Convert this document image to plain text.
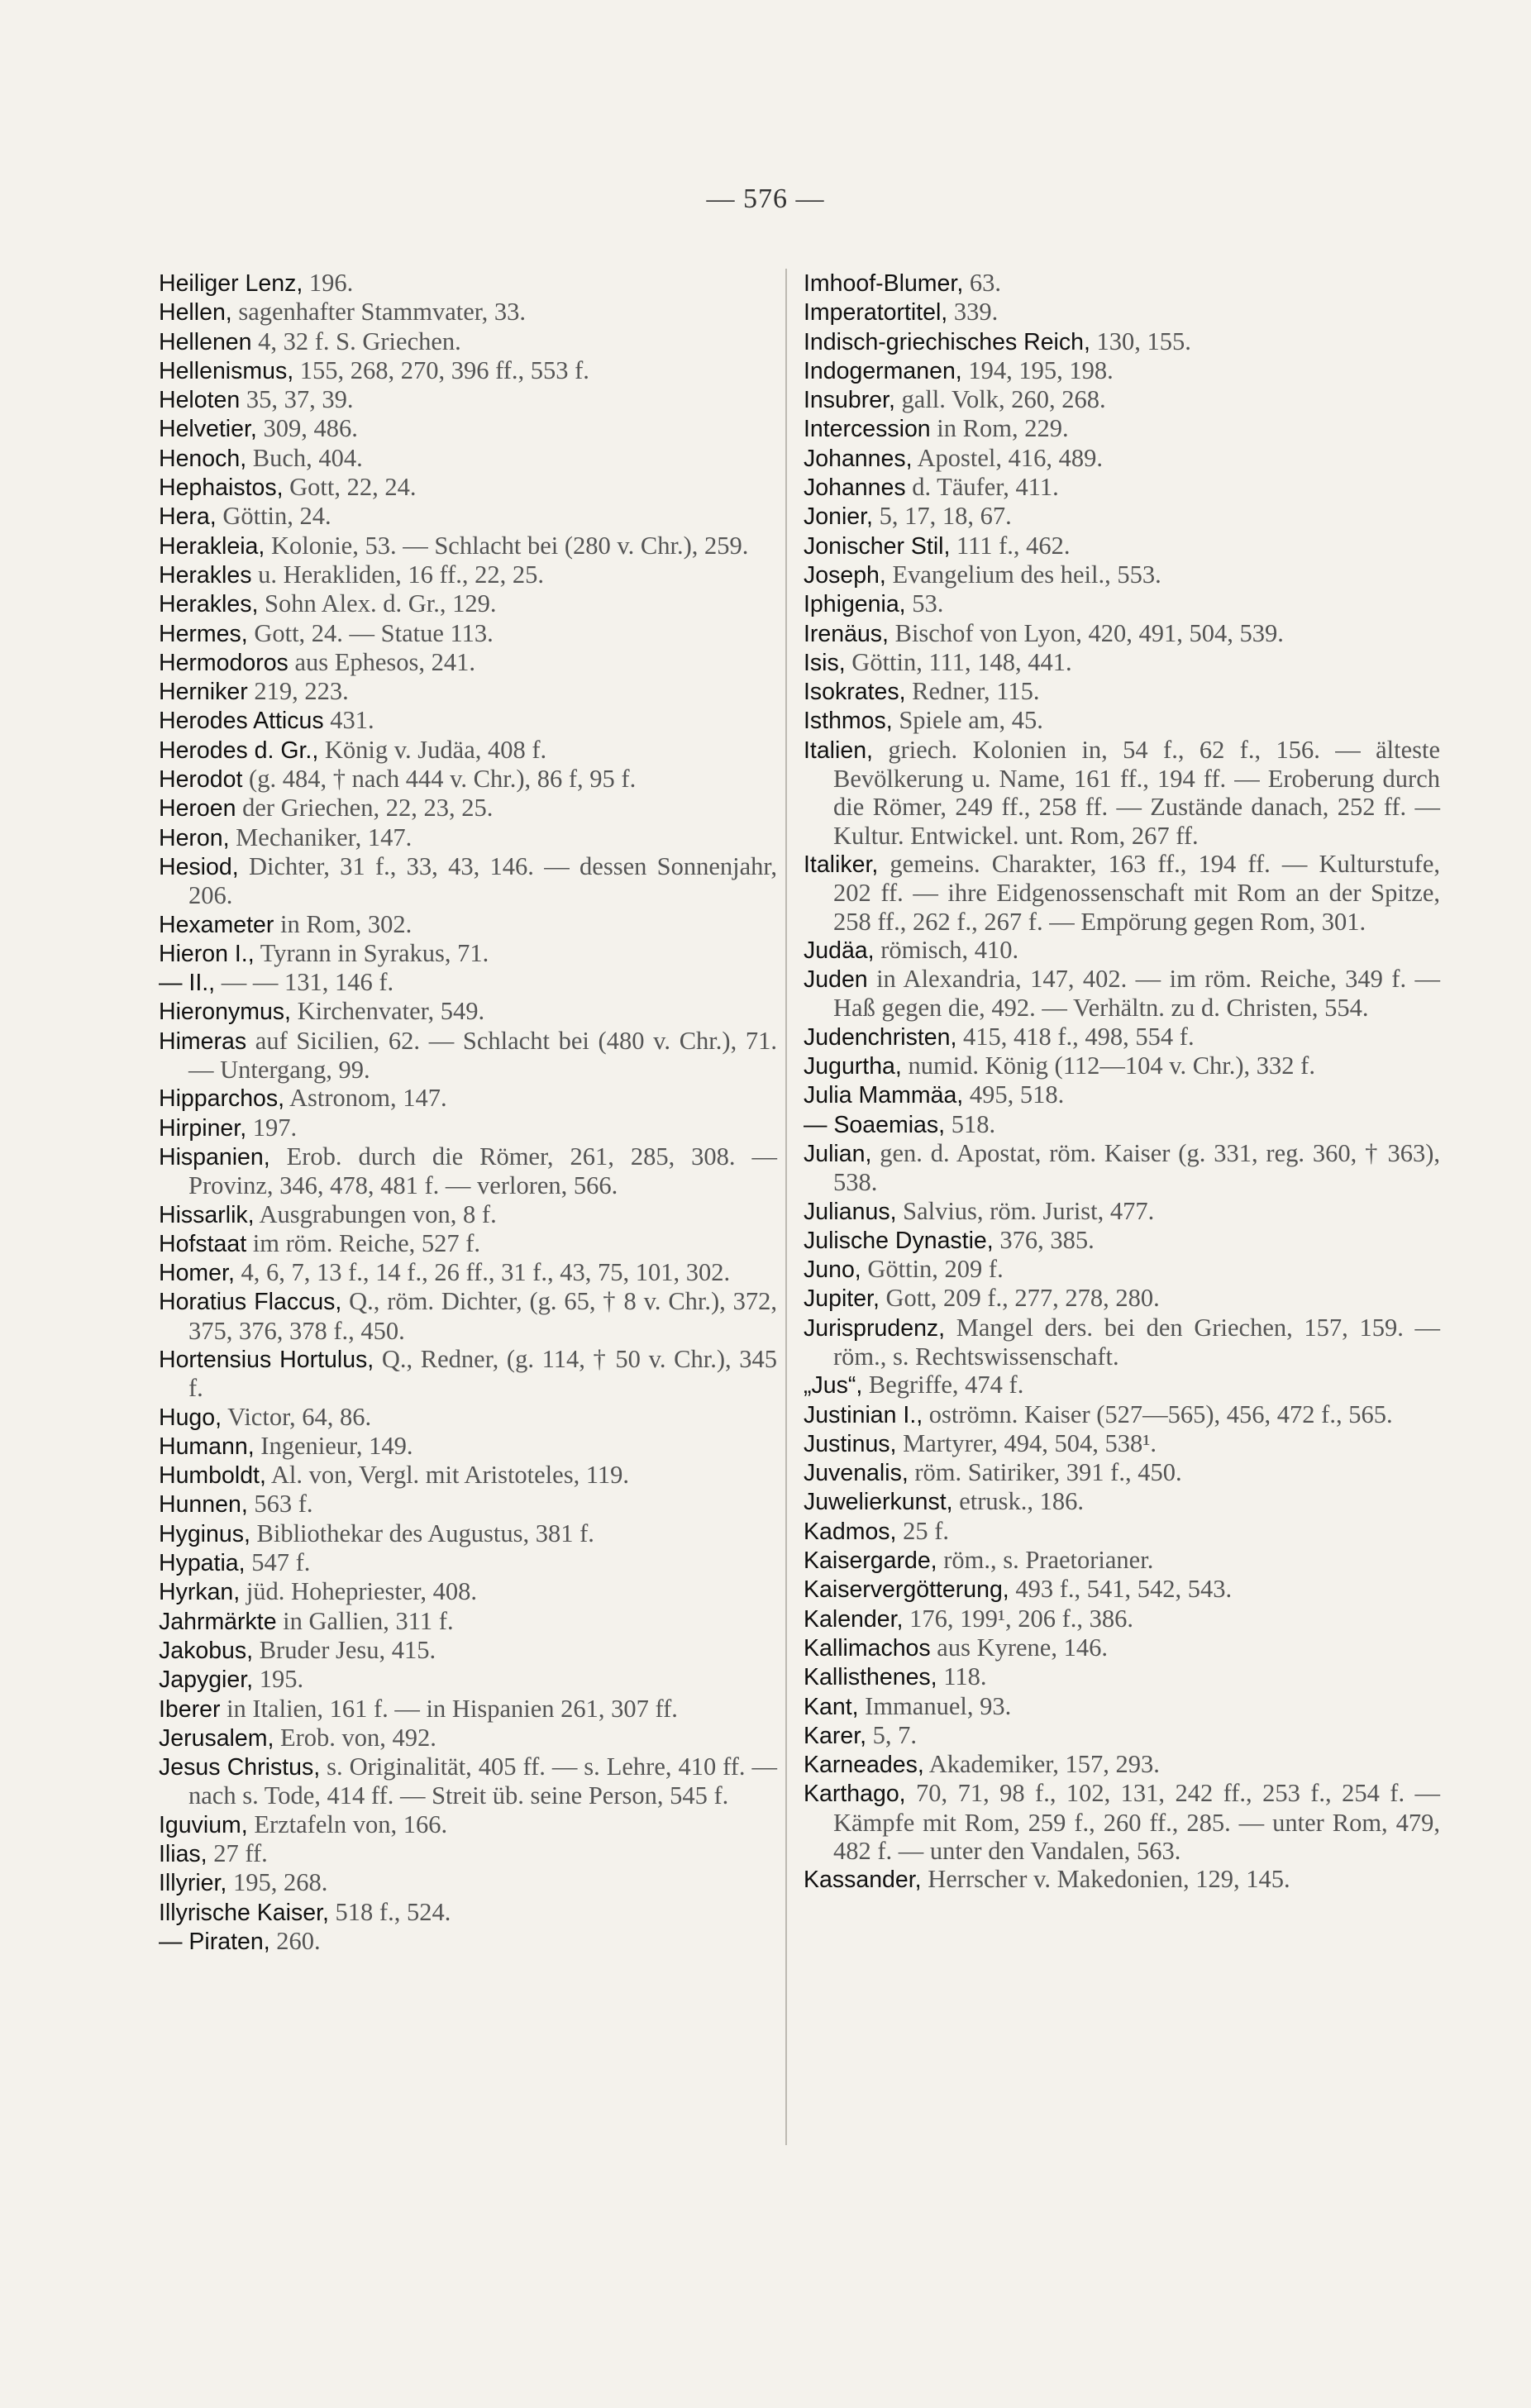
— 576 —

Heiliger Lenz, 196.

Hellen, sagenhafter Stammvater, 33.

Hellenen 4, 32 f. S. Griechen.

Hellenismus, 155, 268, 270, 396 ff., 553 f.

Heloten 35, 37, 39.

Helvetier, 309, 486.

Henoch, Buch, 404.

Hephaistos, Gott, 22, 24.

Hera, Göttin, 24.

Herakleia, Kolonie, 53. — Schlacht bei (280 v. Chr.), 259.

Herakles u. Herakliden, 16 ff., 22, 25.

Herakles, Sohn Alex. d. Gr., 129.

Hermes, Gott, 24. — Statue 113.

Hermodoros aus Ephesos, 241.

Herniker 219, 223.

Herodes Atticus 431.

Herodes d. Gr., König v. Judäa, 408 f.

Herodot (g. 484, † nach 444 v. Chr.), 86 f, 95 f.

Heroen der Griechen, 22, 23, 25.

Heron, Mechaniker, 147.

Hesiod, Dichter, 31 f., 33, 43, 146. — dessen Sonnenjahr, 206.

Hexameter in Rom, 302.

Hieron I., Tyrann in Syrakus, 71.

— II., — — 131, 146 f.

Hieronymus, Kirchenvater, 549.

Himeras auf Sicilien, 62. — Schlacht bei (480 v. Chr.), 71. — Untergang, 99.

Hipparchos, Astronom, 147.

Hirpiner, 197.

Hispanien, Erob. durch die Römer, 261, 285, 308. — Provinz, 346, 478, 481 f. — verloren, 566.

Hissarlik, Ausgrabungen von, 8 f.

Hofstaat im röm. Reiche, 527 f.

Homer, 4, 6, 7, 13 f., 14 f., 26 ff., 31 f., 43, 75, 101, 302.

Horatius Flaccus, Q., röm. Dichter, (g. 65, † 8 v. Chr.), 372, 375, 376, 378 f., 450.

Hortensius Hortulus, Q., Redner, (g. 114, † 50 v. Chr.), 345 f.

Hugo, Victor, 64, 86.

Humann, Ingenieur, 149.

Humboldt, Al. von, Vergl. mit Aristoteles, 119.

Hunnen, 563 f.

Hyginus, Bibliothekar des Augustus, 381 f.

Hypatia, 547 f.

Hyrkan, jüd. Hohepriester, 408.

Jahrmärkte in Gallien, 311 f.

Jakobus, Bruder Jesu, 415.

Japygier, 195.

Iberer in Italien, 161 f. — in Hispanien 261, 307 ff.

Jerusalem, Erob. von, 492.

Jesus Christus, s. Originalität, 405 ff. — s. Lehre, 410 ff. — nach s. Tode, 414 ff. — Streit üb. seine Person, 545 f.

Iguvium, Erztafeln von, 166.

Ilias, 27 ff.

Illyrier, 195, 268.

Illyrische Kaiser, 518 f., 524.

— Piraten, 260.

Imhoof-Blumer, 63.

Imperatortitel, 339.

Indisch-griechisches Reich, 130, 155.

Indogermanen, 194, 195, 198.

Insubrer, gall. Volk, 260, 268.

Intercession in Rom, 229.

Johannes, Apostel, 416, 489.

Johannes d. Täufer, 411.

Jonier, 5, 17, 18, 67.

Jonischer Stil, 111 f., 462.

Joseph, Evangelium des heil., 553.

Iphigenia, 53.

Irenäus, Bischof von Lyon, 420, 491, 504, 539.

Isis, Göttin, 111, 148, 441.

Isokrates, Redner, 115.

Isthmos, Spiele am, 45.

Italien, griech. Kolonien in, 54 f., 62 f., 156. — älteste Bevölkerung u. Name, 161 ff., 194 ff. — Eroberung durch die Römer, 249 ff., 258 ff. — Zustände danach, 252 ff. — Kultur. Entwickel. unt. Rom, 267 ff.

Italiker, gemeins. Charakter, 163 ff., 194 ff. — Kulturstufe, 202 ff. — ihre Eidgenossenschaft mit Rom an der Spitze, 258 ff., 262 f., 267 f. — Empörung gegen Rom, 301.

Judäa, römisch, 410.

Juden in Alexandria, 147, 402. — im röm. Reiche, 349 f. — Haß gegen die, 492. — Verhältn. zu d. Christen, 554.

Judenchristen, 415, 418 f., 498, 554 f.

Jugurtha, numid. König (112—104 v. Chr.), 332 f.

Julia Mammäa, 495, 518.

— Soaemias, 518.

Julian, gen. d. Apostat, röm. Kaiser (g. 331, reg. 360, † 363), 538.

Julianus, Salvius, röm. Jurist, 477.

Julische Dynastie, 376, 385.

Juno, Göttin, 209 f.

Jupiter, Gott, 209 f., 277, 278, 280.

Jurisprudenz, Mangel ders. bei den Griechen, 157, 159. — röm., s. Rechtswissenschaft.

„Jus“, Begriffe, 474 f.

Justinian I., oströmn. Kaiser (527—565), 456, 472 f., 565.

Justinus, Martyrer, 494, 504, 538¹.

Juvenalis, röm. Satiriker, 391 f., 450.

Juwelierkunst, etrusk., 186.

Kadmos, 25 f.

Kaisergarde, röm., s. Praetorianer.

Kaiservergötterung, 493 f., 541, 542, 543.

Kalender, 176, 199¹, 206 f., 386.

Kallimachos aus Kyrene, 146.

Kallisthenes, 118.

Kant, Immanuel, 93.

Karer, 5, 7.

Karneades, Akademiker, 157, 293.

Karthago, 70, 71, 98 f., 102, 131, 242 ff., 253 f., 254 f. — Kämpfe mit Rom, 259 f., 260 ff., 285. — unter Rom, 479, 482 f. — unter den Vandalen, 563.

Kassander, Herrscher v. Makedonien, 129, 145.
